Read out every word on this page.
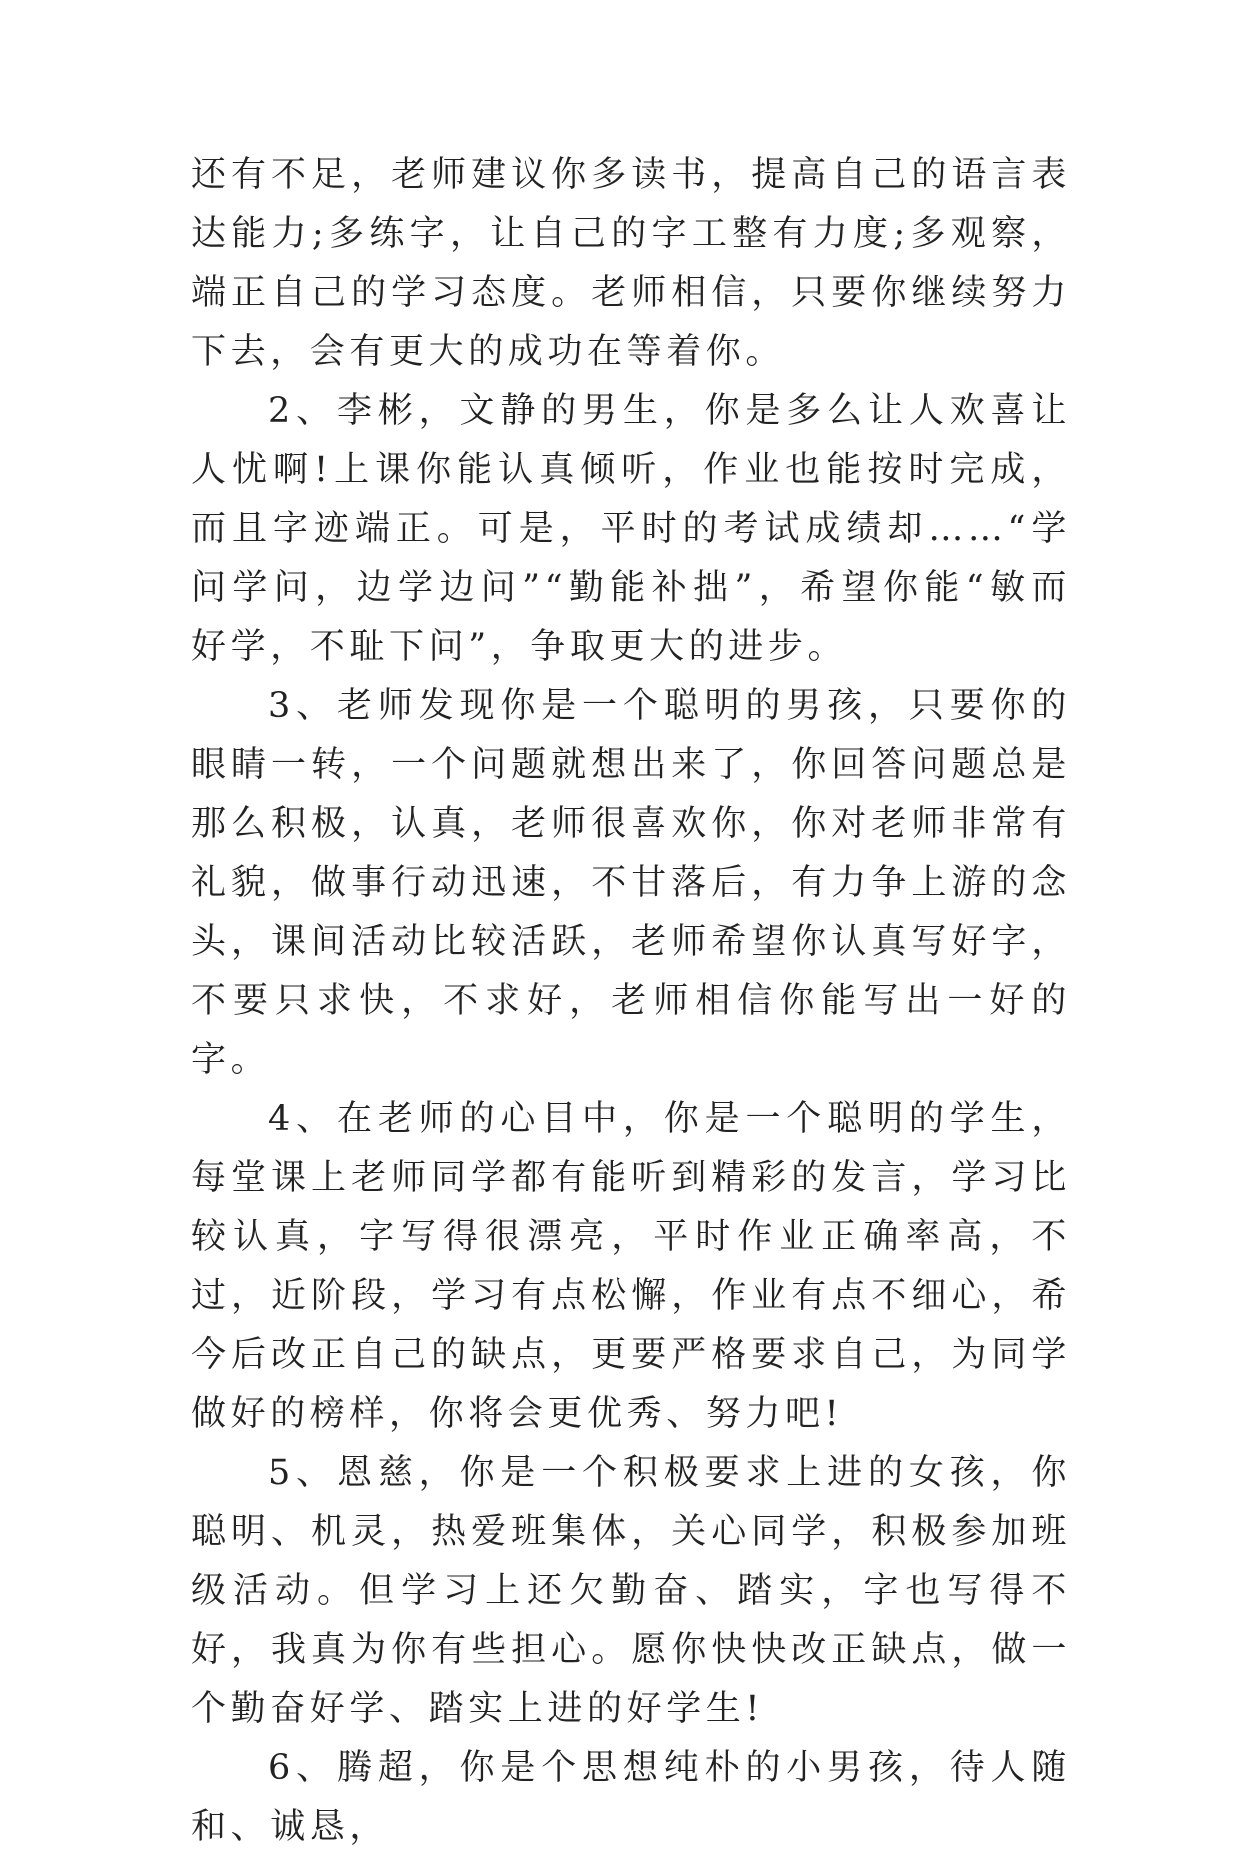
还有不足，老师建议你多读书，提高自己的语言表达能力;多练字，让自己的字工整有力度;多观察，端正自己的学习态度。老师相信，只要你继续努力下去，会有更大的成功在等着你。

2、李彬，文静的男生，你是多么让人欢喜让人忧啊!上课你能认真倾听，作业也能按时完成，而且字迹端正。可是，平时的考试成绩却……“学问学问，边学边问”“勤能补拙”，希望你能“敏而好学，不耻下问”，争取更大的进步。

3、老师发现你是一个聪明的男孩，只要你的眼睛一转，一个问题就想出来了，你回答问题总是那么积极，认真，老师很喜欢你，你对老师非常有礼貌，做事行动迅速，不甘落后，有力争上游的念头，课间活动比较活跃，老师希望你认真写好字，不要只求快，不求好，老师相信你能写出一好的字。

4、在老师的心目中，你是一个聪明的学生，每堂课上老师同学都有能听到精彩的发言，学习比较认真，字写得很漂亮，平时作业正确率高，不过，近阶段，学习有点松懈，作业有点不细心，希今后改正自己的缺点，更要严格要求自己，为同学做好的榜样，你将会更优秀、努力吧!

5、恩慈，你是一个积极要求上进的女孩，你聪明、机灵，热爱班集体，关心同学，积极参加班级活动。但学习上还欠勤奋、踏实，字也写得不好，我真为你有些担心。愿你快快改正缺点，做一个勤奋好学、踏实上进的好学生!

6、腾超，你是个思想纯朴的小男孩，待人随和、诚恳，
